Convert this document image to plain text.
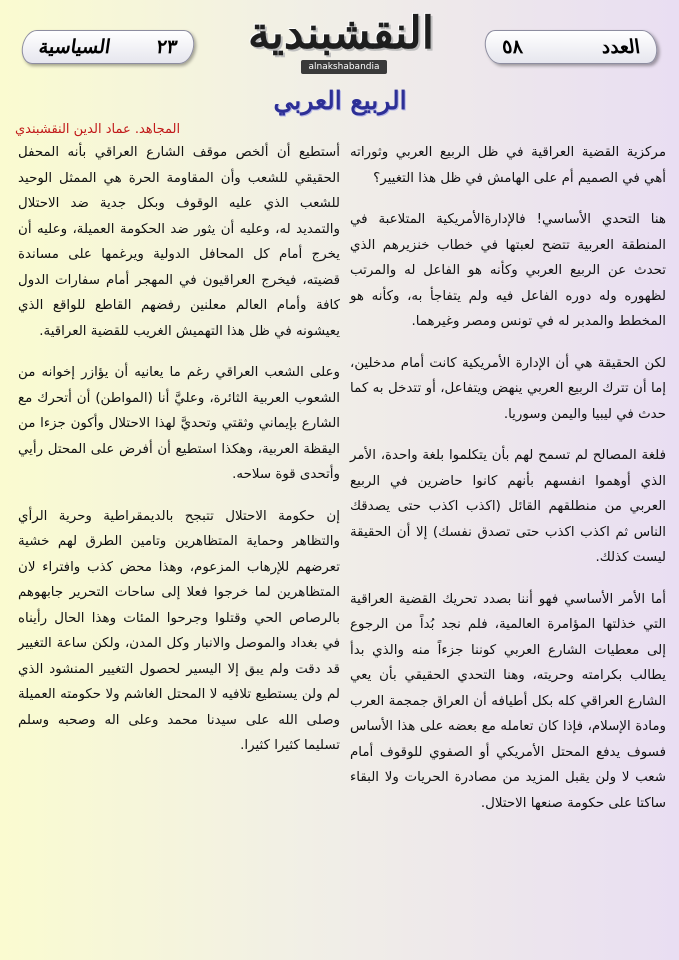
السياسية ٢٣ النقشبندية
alnakshabandia
٥٨	العدد
الربيع العربي
المجاهد. عماد الدين النقشبندي

مركزية القضية العراقية في ظل الربيع العربي وثوراته أهي في الصميم أم على الهامش في ظل هذا التغيير؟

هنا التحدي الأساسي! فالإدارةالأمريكية المتلاعبة في المنطقة العربية تتضح لعبتها في خطاب خنزيرهم الذي تحدث عن الربيع العربي وكأنه هو الفاعل له والمرتب لظهوره وله دوره الفاعل فيه ولم يتفاجأ به، وكأنه هو المخطط والمدبر له في تونس ومصر وغيرهما.

لكن الحقيقة هي أن الإدارة الأمريكية كانت أمام مدخلين، إما أن تترك الربيع العربي ينهض ويتفاعل، أو تتدخل به كما حدث في ليبيا واليمن وسوريا.

فلغة المصالح لم تسمح لهم بأن يتكلموا بلغة واحدة، الأمر الذي أوهموا انفسهم بأنهم كانوا حاضرين في الربيع العربي من منطلقهم القائل (اكذب اكذب حتى يصدقك الناس ثم اكذب اكذب حتى تصدق نفسك) إلا أن الحقيقة ليست كذلك.

أما الأمر الأساسي فهو أننا بصدد تحريك القضية العراقية التي خذلتها المؤامرة العالمية، فلم نجد بُداً من الرجوع إلى معطيات الشارع العربي كوننا جزءاً منه والذي بدأ يطالب بكرامته وحريته، وهنا التحدي الحقيقي بأن يعي الشارع العراقي كله بكل أطيافه أن العراق جمجمة العرب ومادة الإسلام، فإذا كان تعامله مع بعضه على هذا الأساس فسوف يدفع المحتل الأمريكي أو الصفوي للوقوف أمام شعب لا ولن يقبل المزيد من مصادرة الحريات ولا البقاء ساكتا على حكومة صنعها الاحتلال.

أستطيع أن ألخص موقف الشارع العراقي بأنه المحفل الحقيقي للشعب وأن المقاومة الحرة هي الممثل الوحيد للشعب الذي عليه الوقوف وبكل جدية ضد الاحتلال والتمديد له، وعليه أن يثور ضد الحكومة العميلة، وعليه أن يخرج أمام كل المحافل الدولية ويرغمها على مساندة قضيته، فيخرج العراقيون في المهجر أمام سفارات الدول كافة وأمام العالم معلنين رفضهم القاطع للواقع الذي يعيشونه في ظل هذا التهميش الغريب للقضية العراقية.

وعلى الشعب العراقي رغم ما يعانيه أن يؤازر إخوانه من الشعوب العربية الثائرة، وعليَّ أنا (المواطن) أن أتحرك مع الشارع بإيماني وثقتي وتحديَّ لهذا الاحتلال وأكون جزءا من اليقظة العربية، وهكذا استطيع أن أفرض على المحتل رأيي وأتحدى قوة سلاحه.

إن حكومة الاحتلال تتبجح بالديمقراطية وحرية الرأي والتظاهر وحماية المتظاهرين وتامين الطرق لهم خشية تعرضهم للإرهاب المزعوم، وهذا محض كذب وافتراء لان المتظاهرين لما خرجوا فعلا إلى ساحات التحرير جابهوهم بالرصاص الحي وقتلوا وجرحوا المئات وهذا الحال رأيناه في بغداد والموصل والانبار وكل المدن، ولكن ساعة التغيير قد دقت ولم يبق إلا اليسير لحصول التغيير المنشود الذي لم ولن يستطيع تلافيه لا المحتل الغاشم ولا حكومته العميلة وصلى الله على سيدنا محمد وعلى اله وصحبه وسلم تسليما كثيرا كثيرا.
